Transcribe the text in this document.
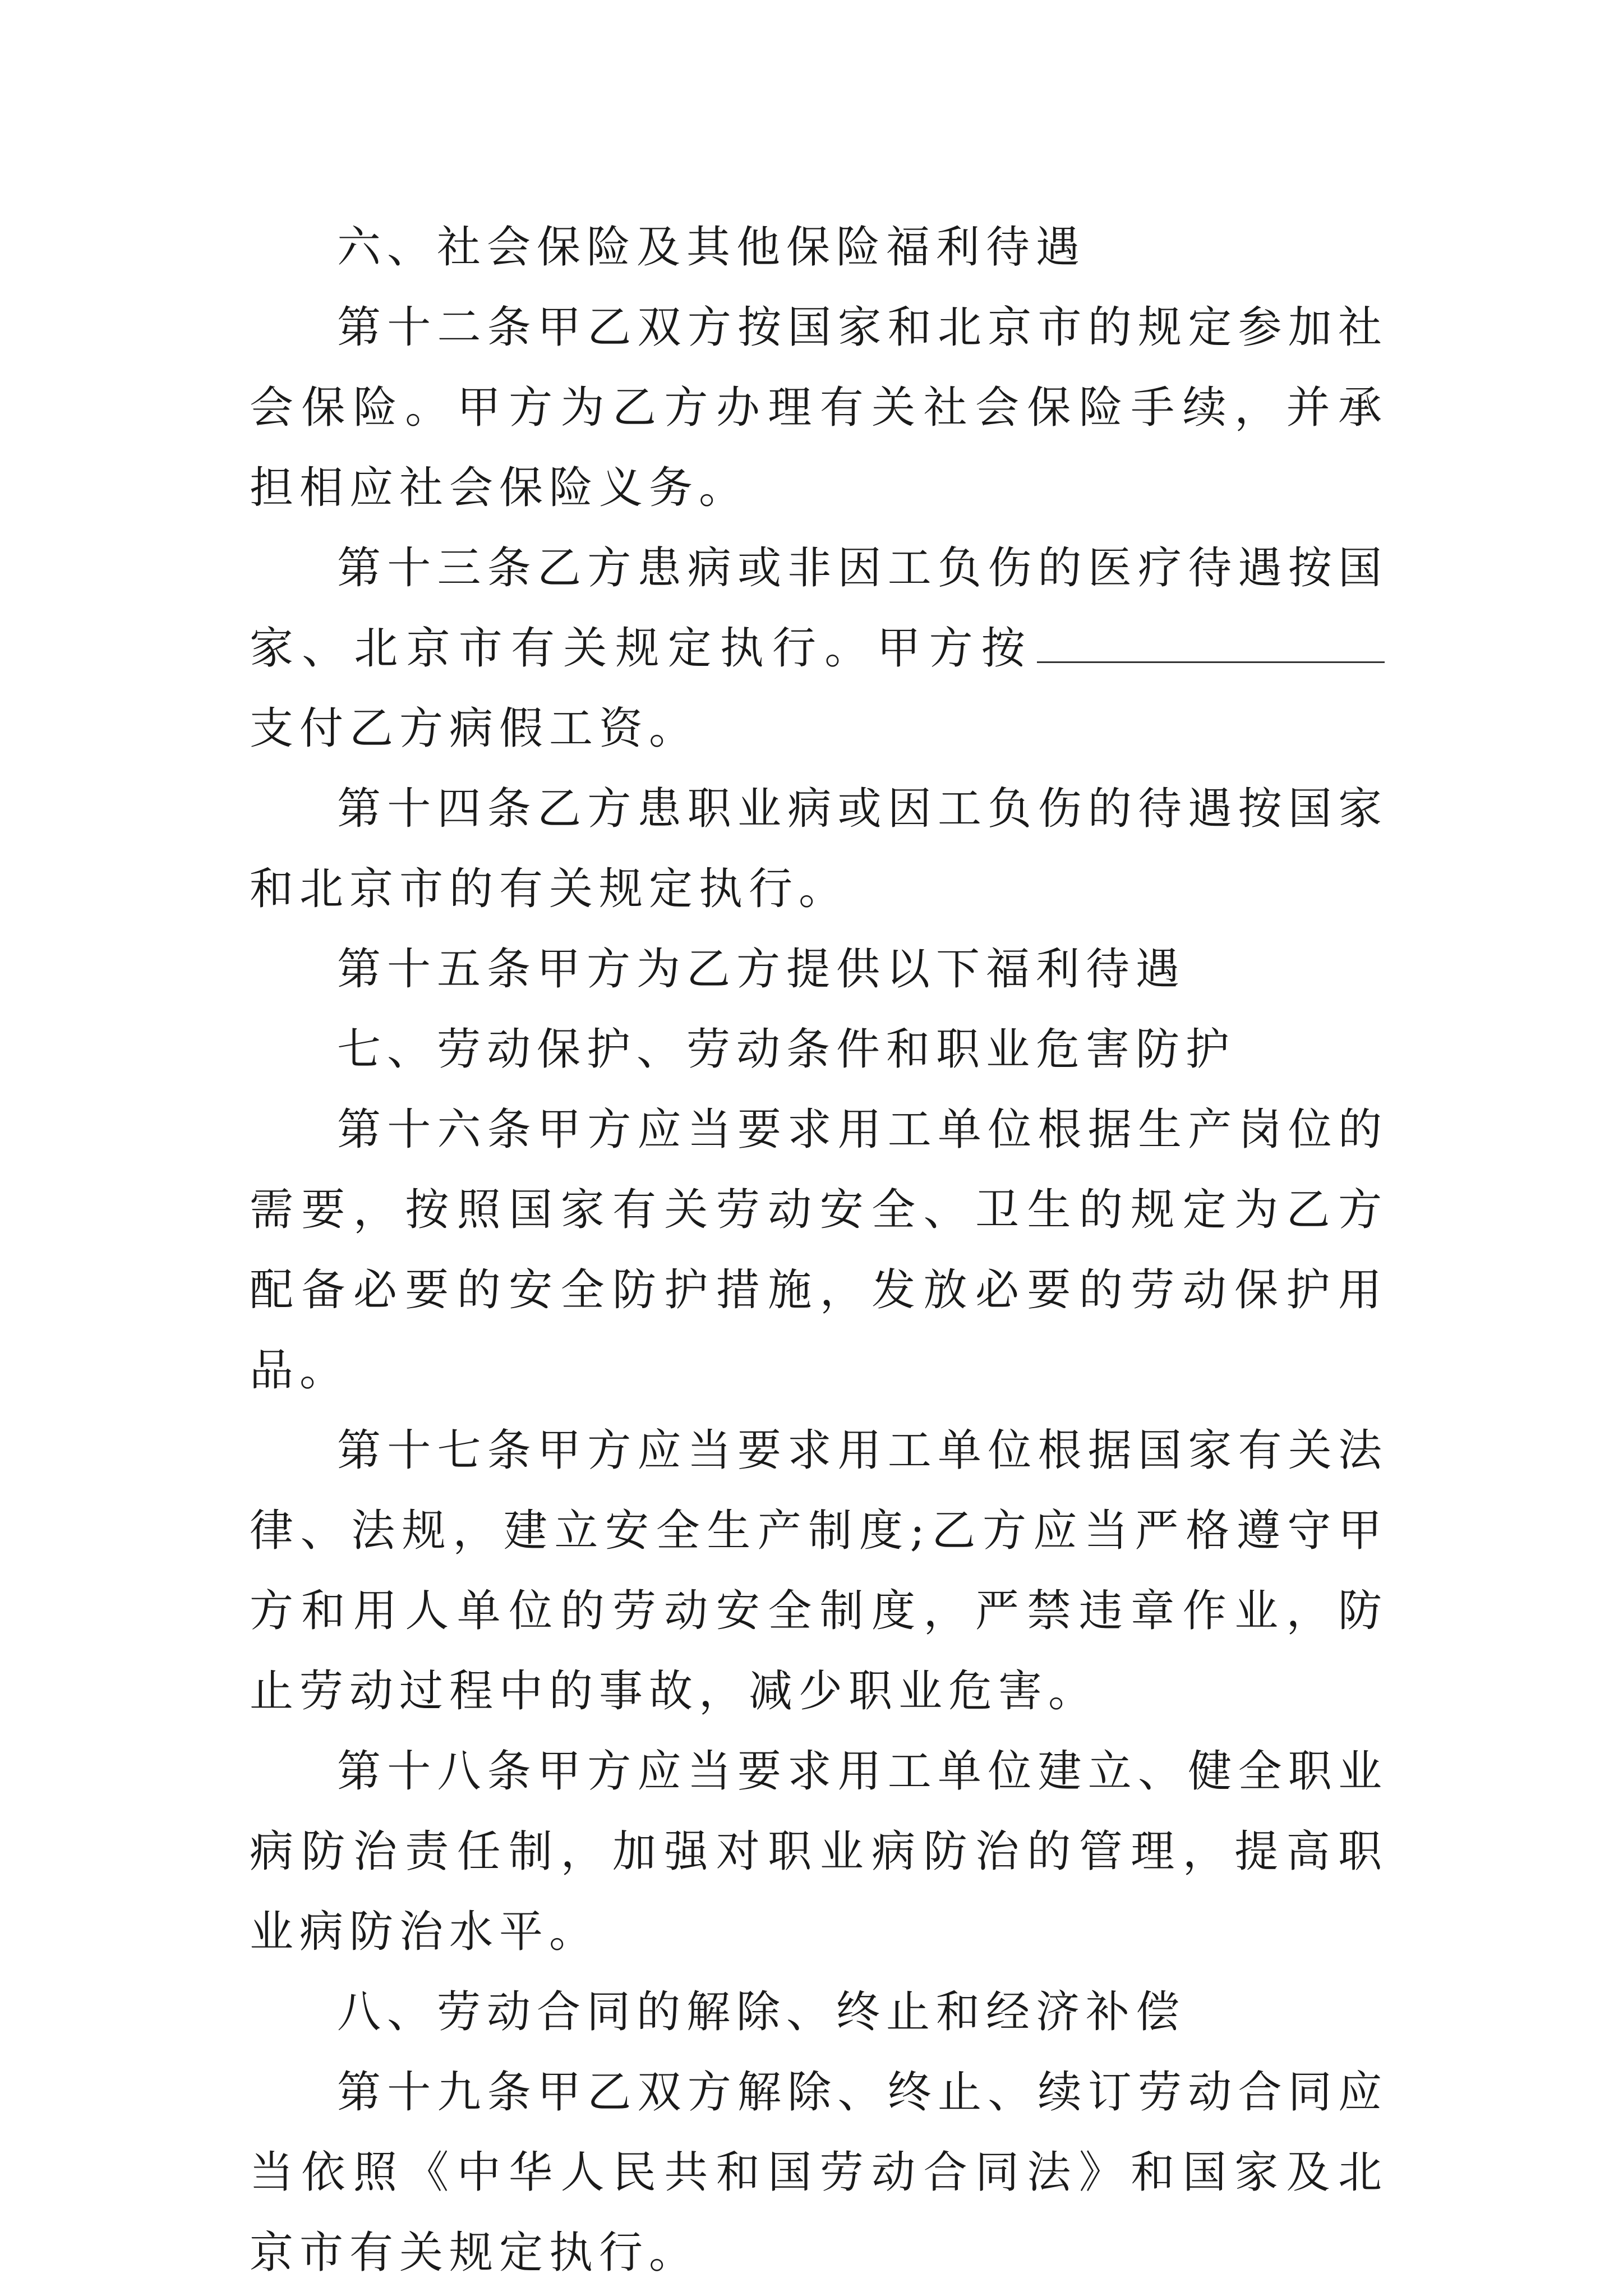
六、社会保险及其他保险福利待遇

第十二条甲乙双方按国家和北京市的规定参加社会保险。甲方为乙方办理有关社会保险手续，并承担相应社会保险义务。

第十三条乙方患病或非因工负伤的医疗待遇按国家、北京市有关规定执行。甲方按支付乙方病假工资。

第十四条乙方患职业病或因工负伤的待遇按国家和北京市的有关规定执行。

第十五条甲方为乙方提供以下福利待遇

七、劳动保护、劳动条件和职业危害防护

第十六条甲方应当要求用工单位根据生产岗位的需要，按照国家有关劳动安全、卫生的规定为乙方配备必要的安全防护措施，发放必要的劳动保护用品。

第十七条甲方应当要求用工单位根据国家有关法律、法规，建立安全生产制度;乙方应当严格遵守甲方和用人单位的劳动安全制度，严禁违章作业，防止劳动过程中的事故，减少职业危害。

第十八条甲方应当要求用工单位建立、健全职业病防治责任制，加强对职业病防治的管理，提高职业病防治水平。

八、劳动合同的解除、终止和经济补偿

第十九条甲乙双方解除、终止、续订劳动合同应当依照《中华人民共和国劳动合同法》和国家及北京市有关规定执行。
